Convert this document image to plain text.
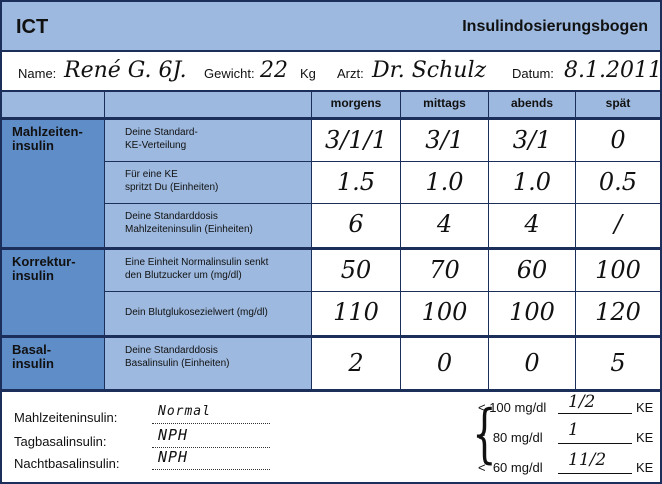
ICT	Insulindosierungsbogen
Name: René G. 6J. Gewicht: 22 Kg Arzt: Dr. Schulz Datum: 8.1.2011
morgens	mittags	abends	spät
Mahlzeiten-
insulin
Korrektur-
insulin
Basal-
insulin
Deine Standard-
KE-Verteilung	3/1/1	3/1	3/1	0
Für eine KE
spritzt Du (Einheiten)	1.5	1.0	1.0	0.5
Deine Standarddosis
Mahlzeiteninsulin (Einheiten)	6	4	4	/
Eine Einheit Normalinsulin senkt
den Blutzucker um (mg/dl)	50	70	60	100
Dein Blutglukosezielwert (mg/dl)	110	100	100	120
Deine Standarddosis
Basalinsulin (Einheiten)	2	0	0	5
Mahlzeiteninsulin:	Normal
Tagbasalinsulin:	NPH
Nachtbasalinsulin:	NPH	{
< 100 mg/dl 1/2	KE
<  80 mg/dl 1	KE
<  60 mg/dl 11/2 KE
